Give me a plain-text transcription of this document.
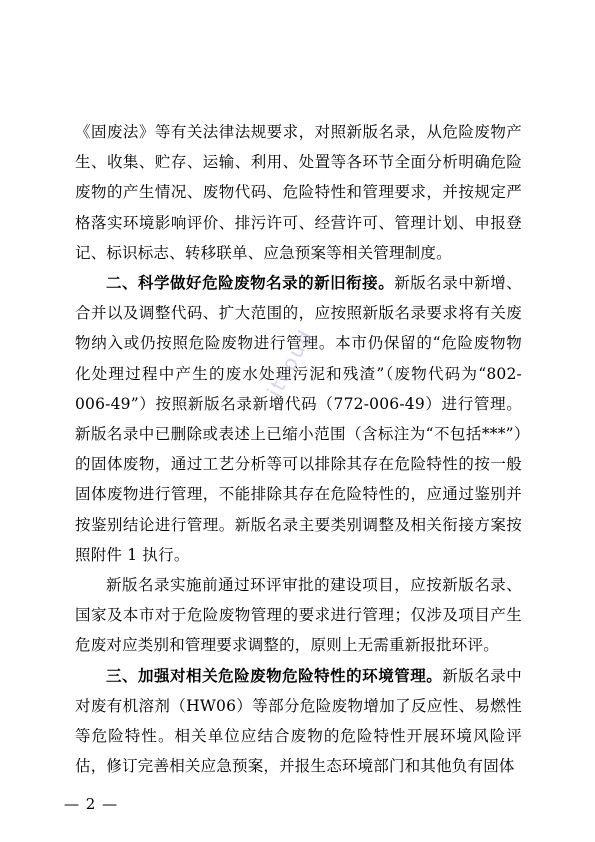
《固废法》等有关法律法规要求，对照新版名录，从危险废物产生、收集、贮存、运输、利用、处置等各环节全面分析明确危险废物的产生情况、废物代码、危险特性和管理要求，并按规定严格落实环境影响评价、排污许可、经营许可、管理计划、申报登记、标识标志、转移联单、应急预案等相关管理制度。

二、科学做好危险废物名录的新旧衔接。新版名录中新增、合并以及调整代码、扩大范围的，应按照新版名录要求将有关废物纳入或仍按照危险废物进行管理。本市仍保留的“危险废物物化处理过程中产生的废水处理污泥和残渣”（废物代码为“802-006-49”）按照新版名录新增代码（772-006-49）进行管理。新版名录中已删除或表述上已缩小范围（含标注为“不包括***”）的固体废物，通过工艺分析等可以排除其存在危险特性的按一般固体废物进行管理，不能排除其存在危险特性的，应通过鉴别并按鉴别结论进行管理。新版名录主要类别调整及相关衔接方案按照附件 1 执行。

新版名录实施前通过环评审批的建设项目，应按新版名录、国家及本市对于危险废物管理的要求进行管理；仅涉及项目产生危废对应类别和管理要求调整的，原则上无需重新报批环评。

三、加强对相关危险废物危险特性的环境管理。新版名录中对废有机溶剂（HW06）等部分危险废物增加了反应性、易燃性等危险特性。相关单位应结合废物的危险特性开展环境风险评估，修订完善相关应急预案，并报生态环境部门和其他负有固体

itcoud
— 2 —
